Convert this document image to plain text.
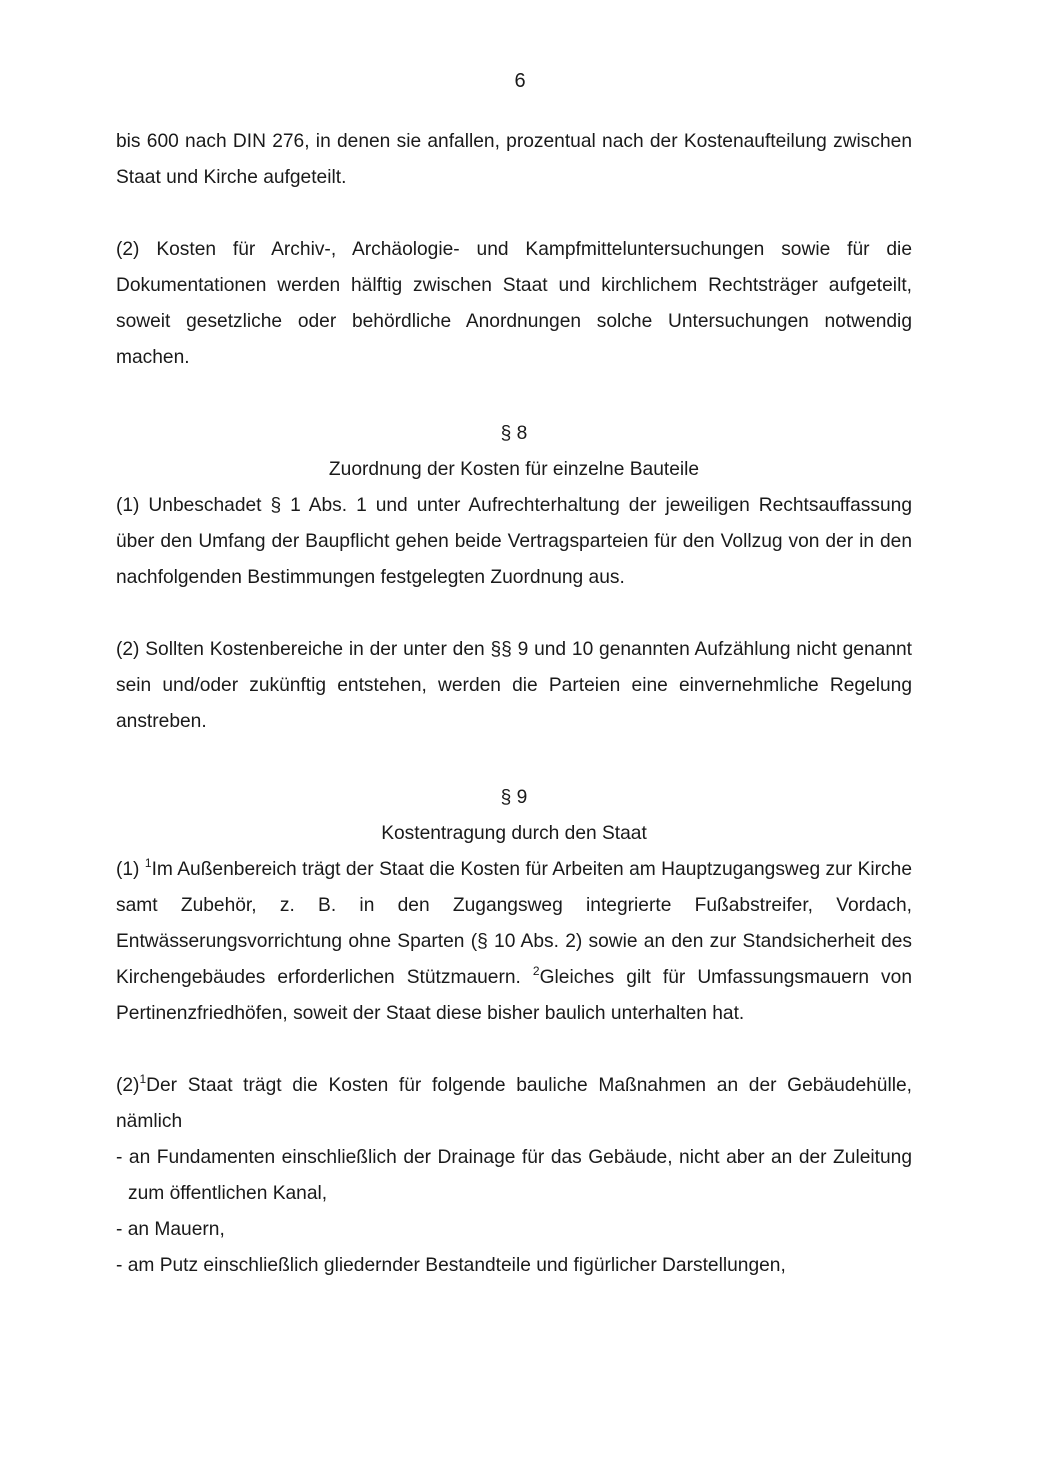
6

bis 600 nach DIN 276, in denen sie anfallen, prozentual nach der Kostenaufteilung zwischen Staat und Kirche aufgeteilt.

(2) Kosten für Archiv-, Archäologie- und Kampfmitteluntersuchungen sowie für die Dokumentationen werden hälftig zwischen Staat und kirchlichem Rechtsträger aufgeteilt, soweit gesetzliche oder behördliche Anordnungen solche Untersuchungen notwendig machen.

§ 8

Zuordnung der Kosten für einzelne Bauteile

(1) Unbeschadet § 1 Abs. 1 und unter Aufrechterhaltung der jeweiligen Rechtsauffassung über den Umfang der Baupflicht gehen beide Vertragsparteien für den Vollzug von der in den nachfolgenden Bestimmungen festgelegten Zuordnung aus.

(2) Sollten Kostenbereiche in der unter den §§ 9 und 10 genannten Aufzählung nicht genannt sein und/oder zukünftig entstehen, werden die Parteien eine einvernehmliche Regelung anstreben.

§ 9

Kostentragung durch den Staat

(1) $^1$Im Außenbereich trägt der Staat die Kosten für Arbeiten am Hauptzugangsweg zur Kirche samt Zubehör, z. B. in den Zugangsweg integrierte Fußabstreifer, Vordach, Entwässerungsvorrichtung ohne Sparten (§ 10 Abs. 2) sowie an den zur Standsicherheit des Kirchengebäudes erforderlichen Stützmauern. $^2$Gleiches gilt für Umfassungsmauern von Pertinenzfriedhöfen, soweit der Staat diese bisher baulich unterhalten hat.

$(2)^1Der$ Staat trägt die Kosten für folgende bauliche Maßnahmen an der Gebäudehülle, nämlich

- an Fundamenten einschließlich der Drainage für das Gebäude, nicht aber an der Zuleitung zum öffentlichen Kanal,

- an Mauern,

- am Putz einschließlich gliedernder Bestandteile und figürlicher Darstellungen,
